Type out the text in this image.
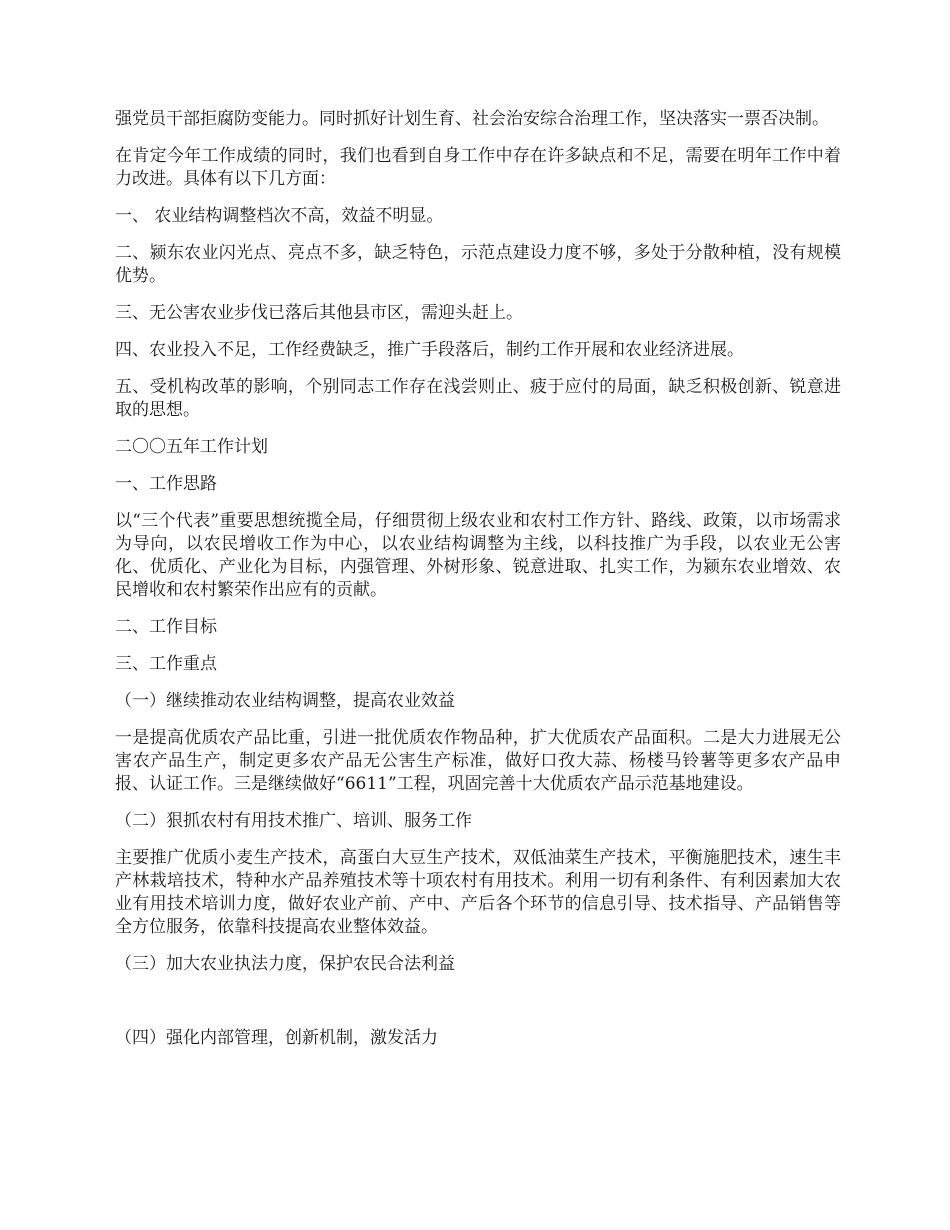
强党员干部拒腐防变能力。同时抓好计划生育、社会治安综合治理工作，坚决落实一票否决制。

在肯定今年工作成绩的同时，我们也看到自身工作中存在许多缺点和不足，需要在明年工作中着力改进。具体有以下几方面：

一、 农业结构调整档次不高，效益不明显。

二、颍东农业闪光点、亮点不多，缺乏特色，示范点建设力度不够，多处于分散种植，没有规模优势。

三、无公害农业步伐已落后其他县市区，需迎头赶上。

四、农业投入不足，工作经费缺乏，推广手段落后，制约工作开展和农业经济进展。

五、受机构改革的影响，个别同志工作存在浅尝则止、疲于应付的局面，缺乏积极创新、锐意进取的思想。

二〇〇五年工作计划

一、工作思路

以“三个代表”重要思想统揽全局，仔细贯彻上级农业和农村工作方针、路线、政策，以市场需求为导向，以农民增收工作为中心，以农业结构调整为主线，以科技推广为手段，以农业无公害化、优质化、产业化为目标，内强管理、外树形象、锐意进取、扎实工作，为颍东农业增效、农民增收和农村繁荣作出应有的贡献。

二、工作目标

三、工作重点

（一）继续推动农业结构调整，提高农业效益

一是提高优质农产品比重，引进一批优质农作物品种，扩大优质农产品面积。二是大力进展无公害农产品生产，制定更多农产品无公害生产标准，做好口孜大蒜、杨楼马铃薯等更多农产品申报、认证工作。三是继续做好“6611”工程，巩固完善十大优质农产品示范基地建设。

（二）狠抓农村有用技术推广、培训、服务工作

主要推广优质小麦生产技术，高蛋白大豆生产技术，双低油菜生产技术，平衡施肥技术，速生丰产林栽培技术，特种水产品养殖技术等十项农村有用技术。利用一切有利条件、有利因素加大农业有用技术培训力度，做好农业产前、产中、产后各个环节的信息引导、技术指导、产品销售等全方位服务，依靠科技提高农业整体效益。

（三）加大农业执法力度，保护农民合法利益

（四）强化内部管理，创新机制，激发活力
